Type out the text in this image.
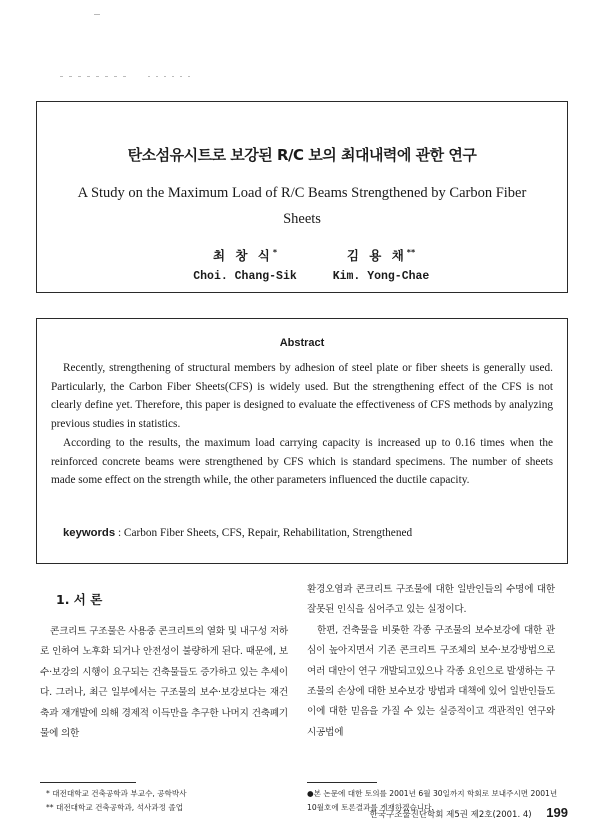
탄소섬유시트로 보강된 R/C 보의 최대내력에 관한 연구
A Study on the Maximum Load of R/C Beams Strengthened by Carbon Fiber Sheets
최 창 식*
Choi. Chang-Sik
김 용 채**
Kim. Yong-Chae
Abstract

Recently, strengthening of structural members by adhesion of steel plate or fiber sheets is generally used. Particularly, the Carbon Fiber Sheets(CFS) is widely used. But the strengthening effect of the CFS is not clearly define yet. Therefore, this paper is designed to evaluate the effectiveness of CFS methods by analyzing previous studies in statistics.

According to the results, the maximum load carrying capacity is increased up to 0.16 times when the reinforced concrete beams were strengthened by CFS which is standard specimens. The number of sheets made some effect on the strength while, the other parameters influenced the ductile capacity.

keywords : Carbon Fiber Sheets, CFS, Repair, Rehabilitation, Strengthened
1. 서 론

콘크리트 구조물은 사용중 콘크리트의 열화 및 내구성 저하로 인하여 노후화 되거나 안전성이 불량하게 된다. 때문에, 보수·보강의 시행이 요구되는 건축물들도 증가하고 있는 추세이다. 그러나, 최근 일부에서는 구조물의 보수·보강보다는 재건축과 재개발에 의해 경제적 이득만을 추구한 나머지 건축폐기물에 의한

환경오염과 콘크리트 구조물에 대한 일반인들의 수명에 대한 잘못된 인식을 심어주고 있는 실정이다.

한편, 건축물을 비롯한 각종 구조물의 보수보강에 대한 관심이 높아지면서 기존 콘크리트 구조체의 보수·보강방법으로 여러 대안이 연구 개발되고있으나 각종 요인으로 발생하는 구조물의 손상에 대한 보수보강 방법과 대책에 있어 일반인들도 이에 대한 믿음을 가질 수 있는 실증적이고 객관적인 연구와 시공법에

* 대전대학교 건축공학과 부교수, 공학박사
** 대전대학교 건축공학과, 석사과정 졸업
●본 논문에 대한 토의를 2001년 6월 30일까지 학회로 보내주시면 2001년 10월호에 토론결과를 게재하겠습니다.
한국구조물진단학회 제5권 제2호(2001. 4) 199
